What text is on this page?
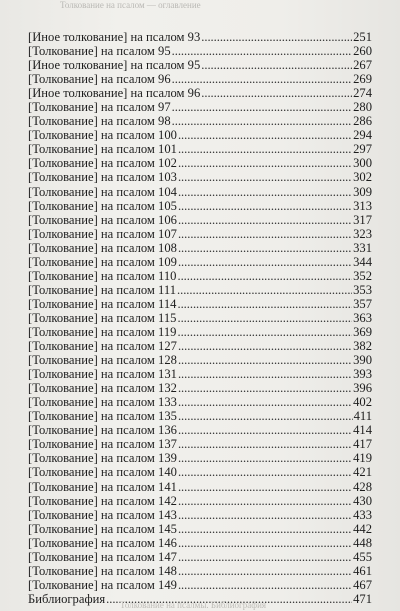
Толкование на псалом — оглавление
[Иное толкование] на псалом 93 . . .	251
[Толкование] на псалом 95 . . .	260
[Иное толкование] на псалом 95 . . .	267
[Толкование] на псалом 96 . . .	269
[Иное толкование] на псалом 96 . . .	274
[Толкование] на псалом 97 . . .	280
[Толкование] на псалом 98 . . .	286
[Толкование] на псалом 100 . . .	294
[Толкование] на псалом 101 . . .	297
[Толкование] на псалом 102 . . .	300
[Толкование] на псалом 103 . . .	302
[Толкование] на псалом 104 . . .	309
[Толкование] на псалом 105 . . .	313
[Толкование] на псалом 106 . . .	317
[Толкование] на псалом 107 . . .	323
[Толкование] на псалом 108 . . .	331
[Толкование] на псалом 109 . . .	344
[Толкование] на псалом 110 . . .	352
[Толкование] на псалом 111 . . .	353
[Толкование] на псалом 114 . . .	357
[Толкование] на псалом 115 . . .	363
[Толкование] на псалом 119 . . .	369
[Толкование] на псалом 127 . . .	382
[Толкование] на псалом 128 . . .	390
[Толкование] на псалом 131 . . .	393
[Толкование] на псалом 132 . . .	396
[Толкование] на псалом 133 . . .	402
[Толкование] на псалом 135 . . .	411
[Толкование] на псалом 136 . . .	414
[Толкование] на псалом 137 . . .	417
[Толкование] на псалом 139 . . .	419
[Толкование] на псалом 140 . . .	421
[Толкование] на псалом 141 . . .	428
[Толкование] на псалом 142 . . .	430
[Толкование] на псалом 143 . . .	433
[Толкование] на псалом 145 . . .	442
[Толкование] на псалом 146 . . .	448
[Толкование] на псалом 147 . . .	455
[Толкование] на псалом 148 . . .	461
[Толкование] на псалом 149 . . .	467
Библиография . . .	471
Толкование на псалмы. Библиография
